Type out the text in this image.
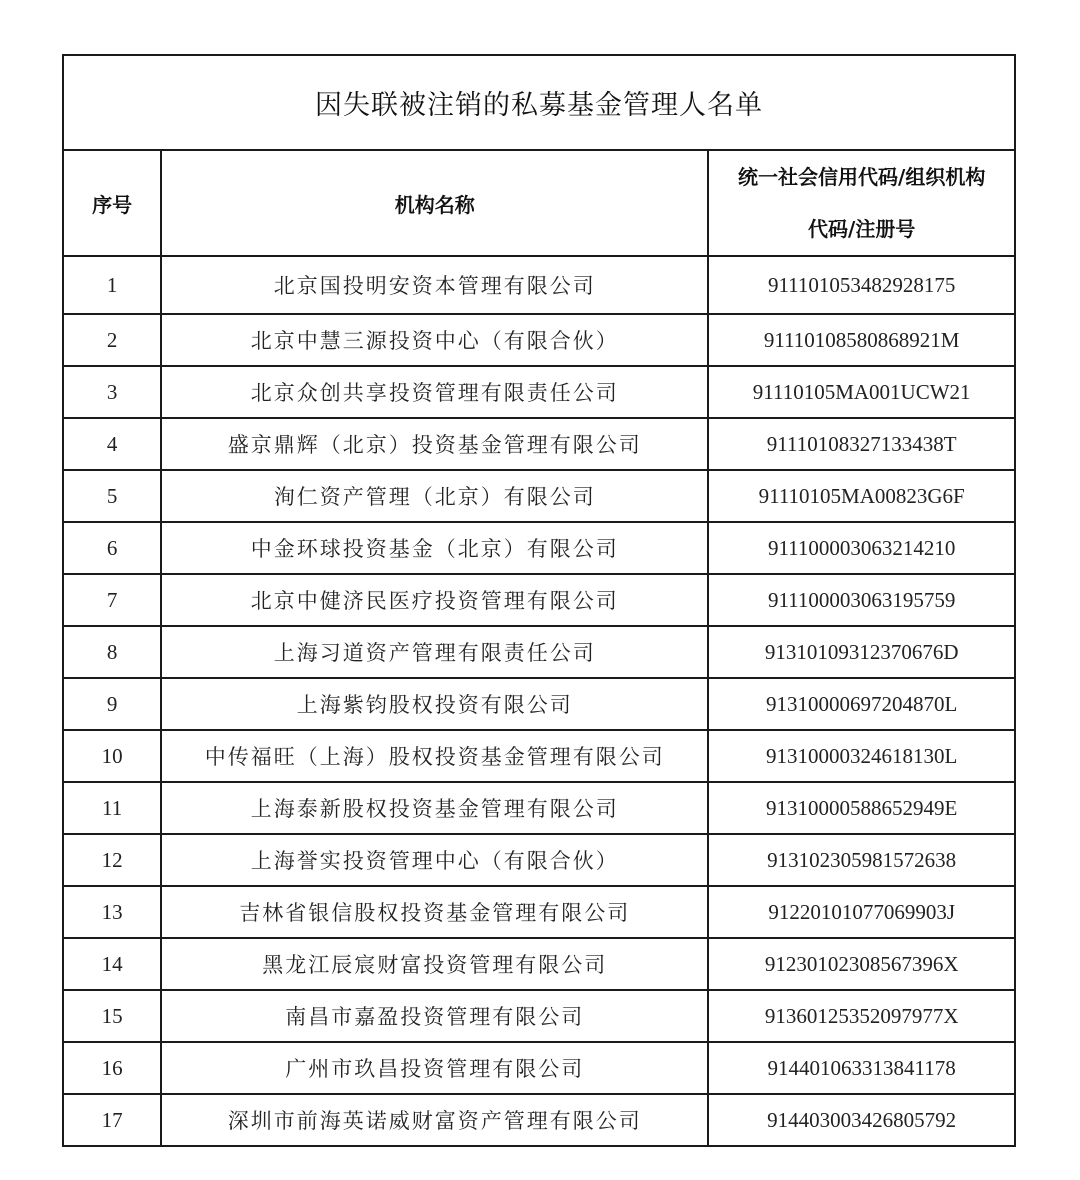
因失联被注销的私募基金管理人名单		
序号	机构名称	统一社会信用代码/组织机构
代码/注册号

1	北京国投明安资本管理有限公司	911101053482928175
2	北京中慧三源投资中心（有限合伙）	91110108580868921M
3	北京众创共享投资管理有限责任公司	91110105MA001UCW21
4	盛京鼎辉（北京）投资基金管理有限公司	91110108327133438T
5	洵仁资产管理（北京）有限公司	91110105MA00823G6F
6	中金环球投资基金（北京）有限公司	911100003063214210
7	北京中健济民医疗投资管理有限公司	911100003063195759
8	上海习道资产管理有限责任公司	91310109312370676D
9	上海紫钧股权投资有限公司	91310000697204870L
10	中传福旺（上海）股权投资基金管理有限公司	91310000324618130L
11	上海泰新股权投资基金管理有限公司	91310000588652949E
12	上海誉实投资管理中心（有限合伙）	913102305981572638
13	吉林省银信股权投资基金管理有限公司	91220101077069903J
14	黑龙江辰宸财富投资管理有限公司	91230102308567396X
15	南昌市嘉盈投资管理有限公司	91360125352097977X
16	广州市玖昌投资管理有限公司	914401063313841178
17	深圳市前海英诺威财富资产管理有限公司	914403003426805792
